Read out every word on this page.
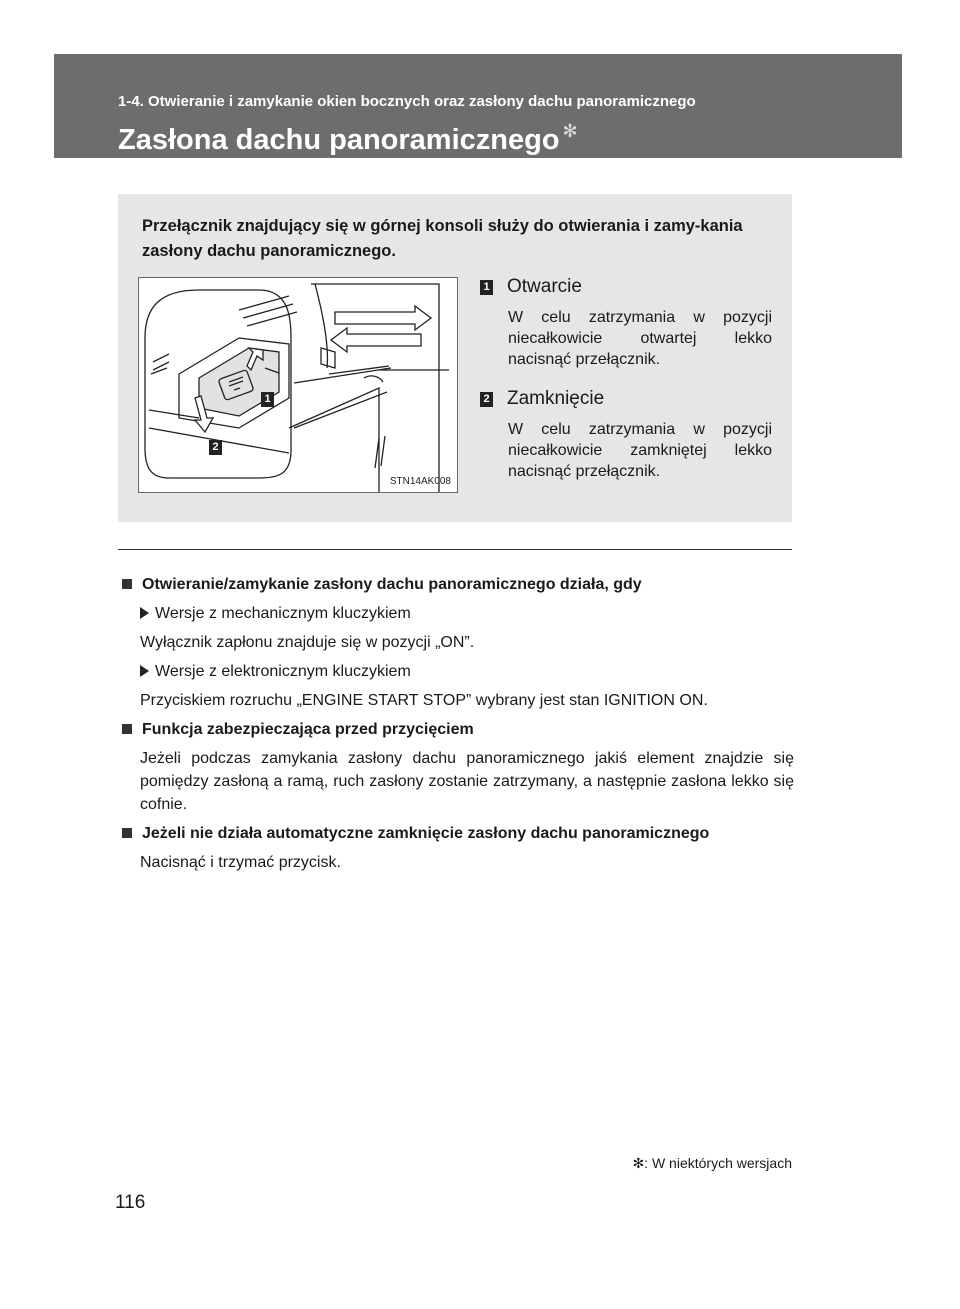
1-4. Otwieranie i zamykanie okien bocznych oraz zasłony dachu panoramicznego
Zasłona dachu panoramicznego ✻
Przełącznik znajdujący się w górnej konsoli służy do otwierania i zamy-kania zasłony dachu panoramicznego.
1
2
STN14AK008
1 Otwarcie
W celu zatrzymania w pozycji niecałkowicie otwartej lekko nacisnąć przełącznik.
2 Zamknięcie
W celu zatrzymania w pozycji niecałkowicie zamkniętej lekko nacisnąć przełącznik.
Otwieranie/zamykanie zasłony dachu panoramicznego działa, gdy
Wersje z mechanicznym kluczykiem
Wyłącznik zapłonu znajduje się w pozycji „ON”.
Wersje z elektronicznym kluczykiem
Przyciskiem rozruchu „ENGINE START STOP” wybrany jest stan IGNITION ON.
Funkcja zabezpieczająca przed przycięciem
Jeżeli podczas zamykania zasłony dachu panoramicznego jakiś element znajdzie się pomiędzy zasłoną a ramą, ruch zasłony zostanie zatrzymany, a następnie zasłona lekko się cofnie.
Jeżeli nie działa automatyczne zamknięcie zasłony dachu panoramicznego
Nacisnąć i trzymać przycisk.
✻: W niektórych wersjach
116
